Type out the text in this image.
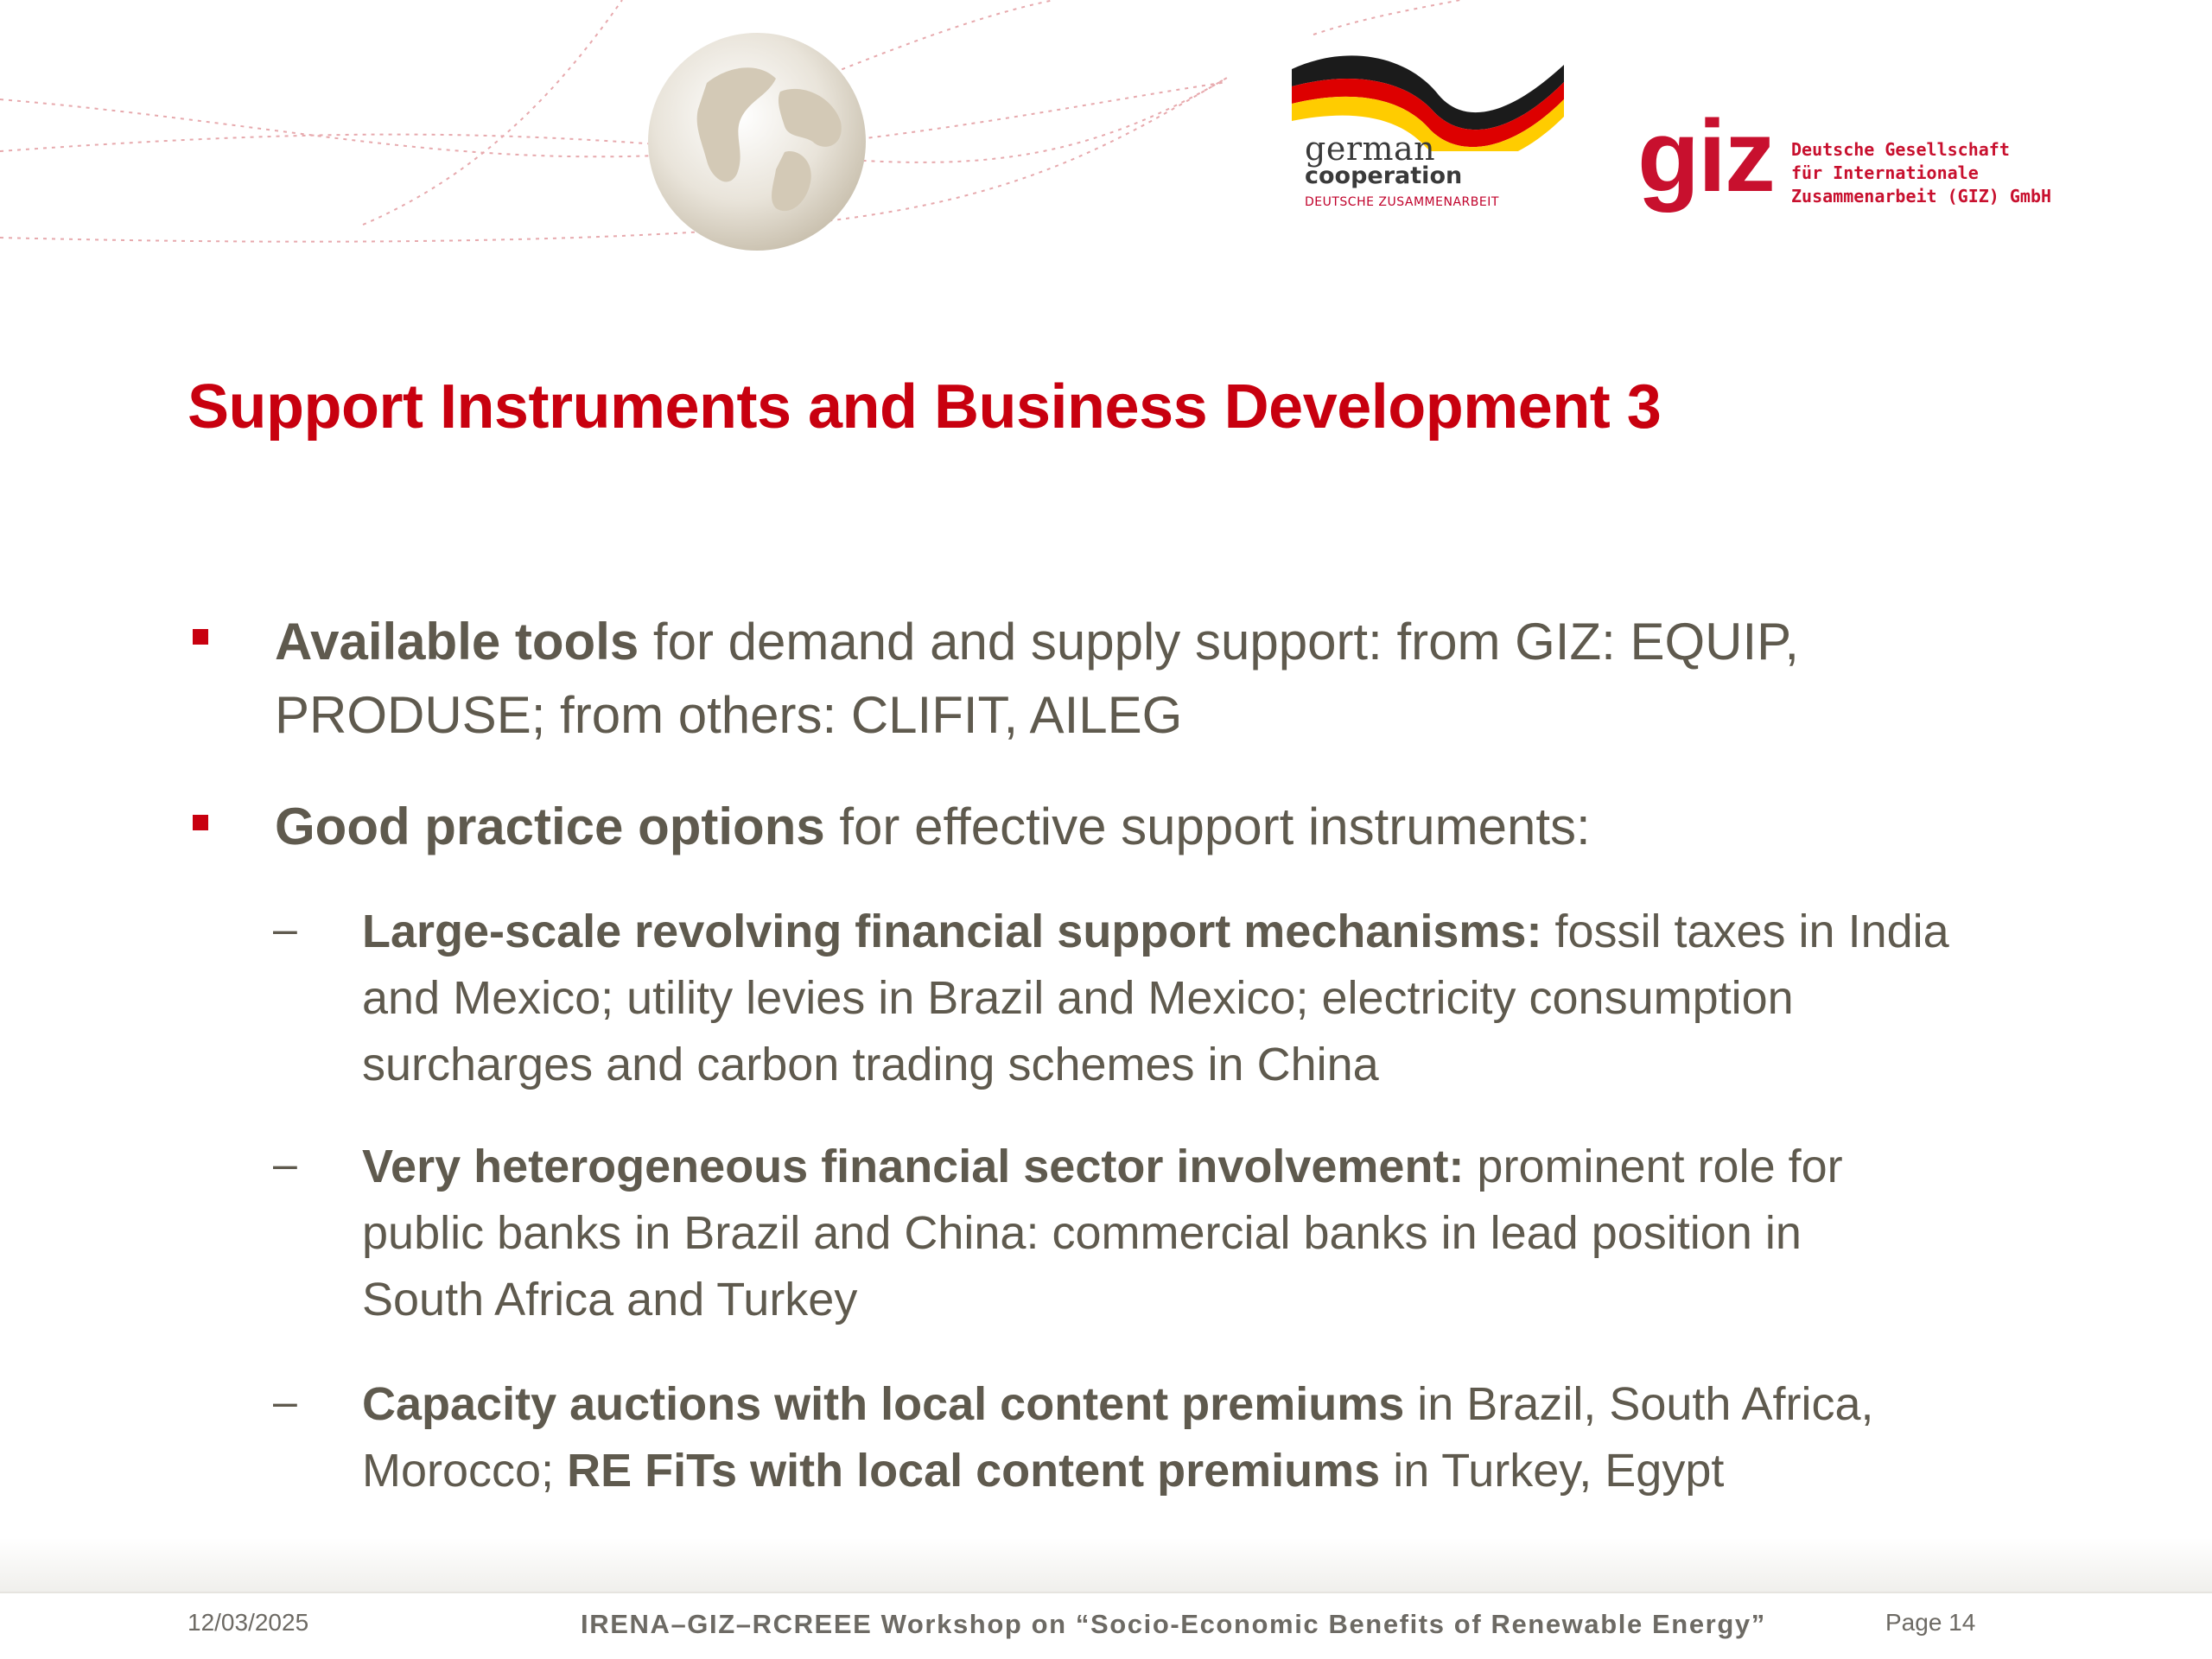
german
cooperation
DEUTSCHE ZUSAMMENARBEIT giz Deutsche Gesellschaft
für Internationale
Zusammenarbeit (GIZ) GmbH
Support Instruments and Business Development 3
Available tools for demand and supply support: from GIZ: EQUIP,
PRODUSE; from others: CLIFIT, AILEG
Good practice options for effective support instruments:
– Large-scale revolving financial support mechanisms: fossil taxes in India
and Mexico; utility levies in Brazil and Mexico; electricity consumption
surcharges and carbon trading schemes in China
– Very heterogeneous financial sector involvement: prominent role for
public banks in Brazil and China: commercial banks in lead position in
South Africa and Turkey
– Capacity auctions with local content premiums in Brazil, South Africa,
Morocco; RE FiTs with local content premiums in Turkey, Egypt
12/03/2025	IRENA–GIZ–RCREEE Workshop on “Socio-Economic Benefits of Renewable Energy”	Page 14
